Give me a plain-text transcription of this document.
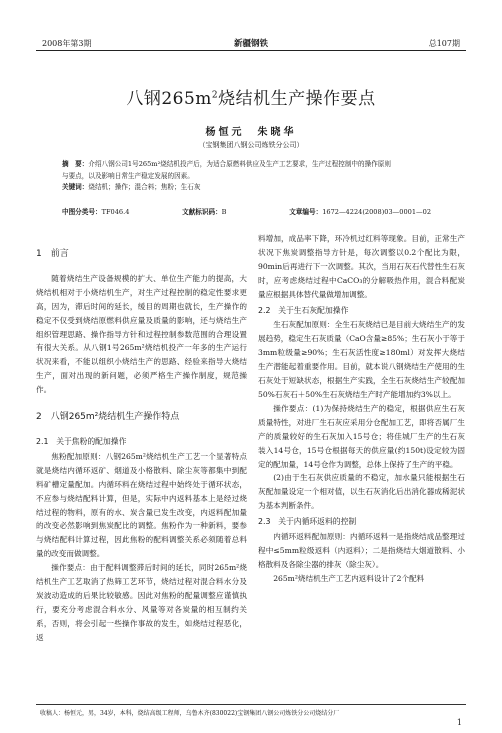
2008年第3期	新疆钢铁	总107期
八钢$265m^2$烧结机生产操作要点
杨恒元　朱晓华
（宝钢集团八钢公司炼铁分公司）
摘　要：介绍八钢公司1号265m²烧结机投产后，为适合原燃料供应及生产工艺要求，生产过程控制中的操作原则
与要点，以及影响日常生产稳定发展的因素。
关键词：烧结机；操作；混合料；焦粉；生石灰
中图分类号：TF046.4	文献标识码：B	文章编号：1672—4224(2008)03—0001—02
1　前言

随着烧结生产设备规模的扩大、单位生产能力的提高，大烧结机相对于小烧结机生产，对生产过程控制的稳定性要求更高，因为，滞后时间的延长，缓目的周期也就长，生产操作的稳定不仅受到烧结原燃料供应量及质量的影响，还与烧结生产组织管理思路、操作指导方针和过程控制参数范围的合理设置有很大关系。从八钢1号265m²烧结机投产一年多的生产运行状况来看，不能以组织小烧结生产的思路、经验来指导大烧结生产，面对出现的新问题，必须严格生产操作制度，规范操作。

2　八钢265m²烧结机生产操作特点
2.1　关于焦粉的配加操作

焦粉配加原则：八钢265m²烧结机生产工艺一个显著特点就是烧结内循环返矿、烟道及小格散料、除尘灰等都集中到配料矿槽定量配加。内循环料在烧结过程中始终处于循环状态，不应参与烧结配料计算，但是，实际中内返料基本上是经过烧结过程的物料，原有的水、炭含量已发生改变，内返料配加量的改变必然影响到焦炭配比的调整。焦粉作为一种新料，要参与烧结配料计算过程，因此焦粉的配料调整关系必须随着总料量的改变而做调整。

操作要点：由于配料调整滞后时间的延长，同时265m²烧结机生产工艺取消了热筛工艺环节，烧结过程对混合料水分及炭波动造成的后果比较敏感。因此对焦粉的配量调整应谨慎执行，要充分考虑混合料水分、风量等对各炭量的相互制约关系，否则，将会引起一些操作事故的发生，如烧结过程恶化，返

料增加，成品率下降，环冷机过红料等现象。目前，正常生产状况下焦炭调整指导方针是，每次调整以0.2个配比为限，90min后再进行下一次调整。其次，当用石灰石代替性生石灰时，应考虑烧结过程中CaCO₃的分解吸热作用，混合料配炭量应根据具体替代量做增加调整。

2.2　关于生石灰配加操作

生石灰配加原则：全生石灰烧结已是目前大烧结生产的发展趋势，稳定生石灰质量（CaO含量≥85%；生石灰小于等于3mm粒级量≥90%；生石灰活性度≥180ml）对发挥大烧结生产潜能起着重要作用。目前，就本说八钢烧结生产使用的生石灰处于短缺状态，根据生产实践，全生石灰烧结生产较配加50%石灰石＋50%生石灰烧结生产时产能增加约3%以上。

操作要点：(1)为保持烧结生产的稳定，根据供应生石灰质量特性，对进厂生石灰应采用分仓配加工艺，即将否属厂生产的质量较好的生石灰加入15号仓；将佳城厂生产的生石灰装入14号仓，15号仓根据每天的供应量(约150t)设定较为固定的配加量，14号仓作为调整，总体上保持了生产的平稳。

(2)由于生石灰供应质量的不稳定，加水量只能根据生石灰配加量设定一个相对值，以生石灰消化后出消化器成稀泥状为基本判断条件。

2.3　关于内循环返料的控制

内循环返料配加原则：内循环返料一是指烧结成品整理过程中≤5mm粒级返料（内返料）；二是指烧结大烟道散料、小格散料及各除尘器的排灰（除尘灰）。

265m²烧结机生产工艺内返料设计了2个配料

收稿人：杨恒元，男，34岁，本科，烧结高级工程师，乌鲁木齐(830022)宝钢集团八钢公司炼铁分公司烧结分厂
1
